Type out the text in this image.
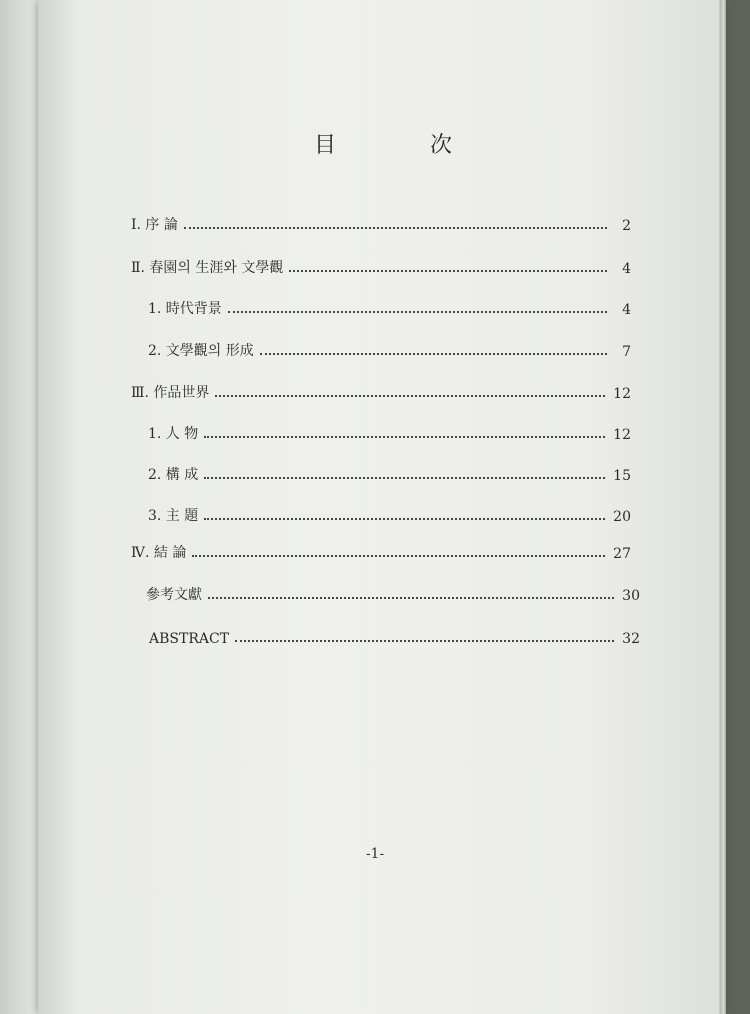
目	次
Ⅰ. 序 論	2
Ⅱ. 春園의 生涯와 文學觀	4
1. 時代背景	4
2. 文學觀의 形成	7
Ⅲ. 作品世界	12
1. 人 物	12
2. 構 成	15
3. 主 題	20
Ⅳ. 結 論	27
參考文獻	30
ABSTRACT	32
-1-
